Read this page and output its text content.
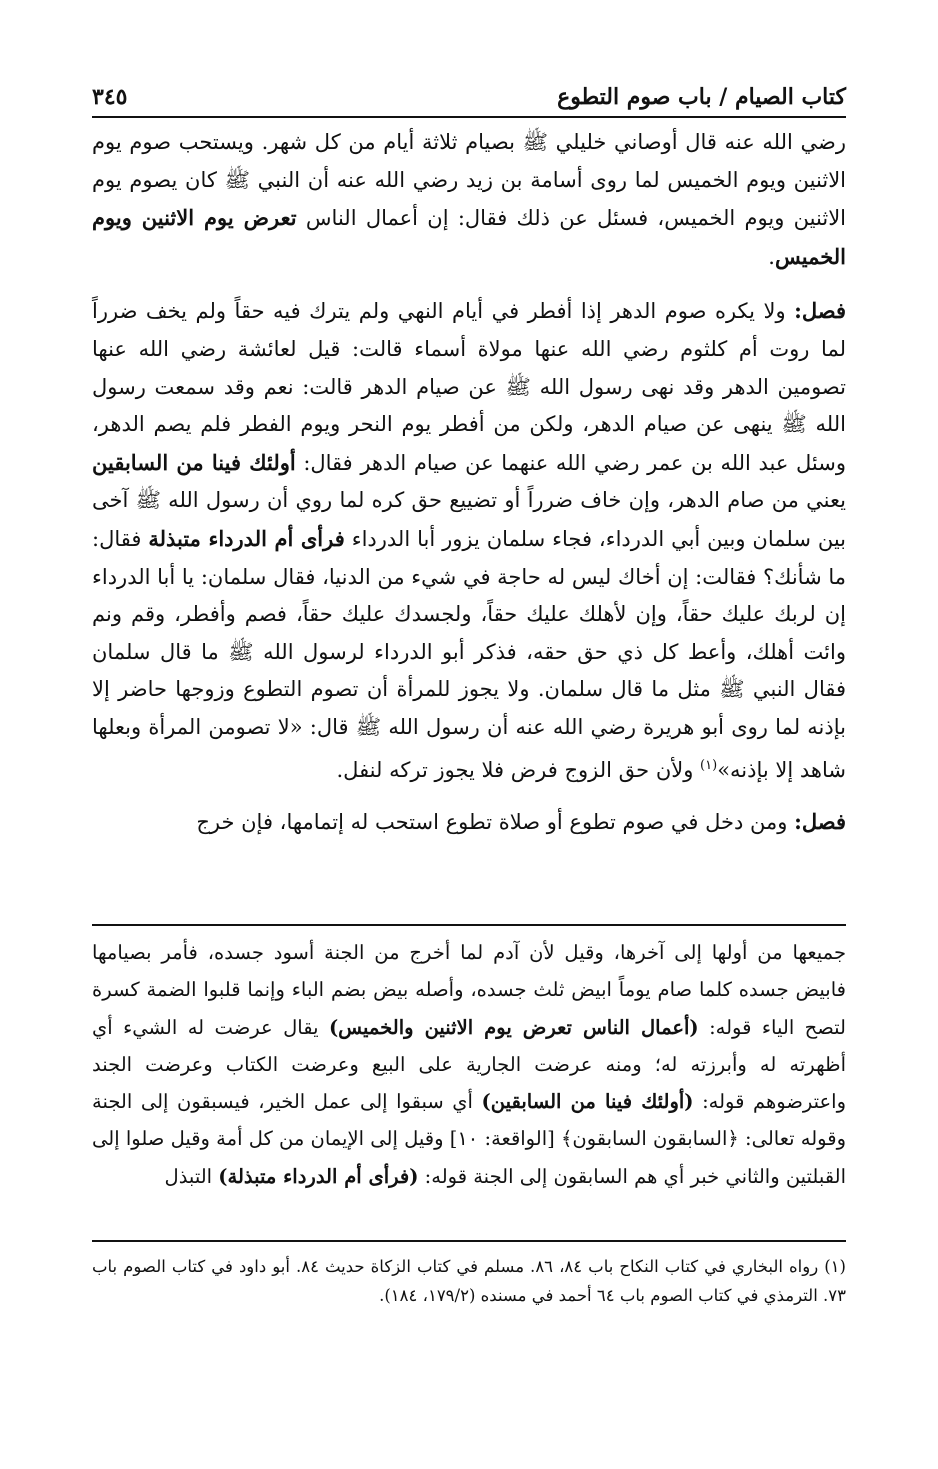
كتاب الصيام / باب صوم التطوع
٣٤٥

رضي الله عنه قال أوصاني خليلي ﷺ بصيام ثلاثة أيام من كل شهر. ويستحب صوم يوم الاثنين ويوم الخميس لما روى أسامة بن زيد رضي الله عنه أن النبي ﷺ كان يصوم يوم الاثنين ويوم الخميس، فسئل عن ذلك فقال: إن أعمال الناس تعرض يوم الاثنين ويوم الخميس.

فصل: ولا يكره صوم الدهر إذا أفطر في أيام النهي ولم يترك فيه حقاً ولم يخف ضرراً لما روت أم كلثوم رضي الله عنها مولاة أسماء قالت: قيل لعائشة رضي الله عنها تصومين الدهر وقد نهى رسول الله ﷺ عن صيام الدهر قالت: نعم وقد سمعت رسول الله ﷺ ينهى عن صيام الدهر، ولكن من أفطر يوم النحر ويوم الفطر فلم يصم الدهر، وسئل عبد الله بن عمر رضي الله عنهما عن صيام الدهر فقال: أولئك فينا من السابقين يعني من صام الدهر، وإن خاف ضرراً أو تضييع حق كره لما روي أن رسول الله ﷺ آخى بين سلمان وبين أبي الدرداء، فجاء سلمان يزور أبا الدرداء فرأى أم الدرداء متبذلة فقال: ما شأنك؟ فقالت: إن أخاك ليس له حاجة في شيء من الدنيا، فقال سلمان: يا أبا الدرداء إن لربك عليك حقاً، وإن لأهلك عليك حقاً، ولجسدك عليك حقاً، فصم وأفطر، وقم ونم وائت أهلك، وأعط كل ذي حق حقه، فذكر أبو الدرداء لرسول الله ﷺ ما قال سلمان فقال النبي ﷺ مثل ما قال سلمان. ولا يجوز للمرأة أن تصوم التطوع وزوجها حاضر إلا بإذنه لما روى أبو هريرة رضي الله عنه أن رسول الله ﷺ قال: «لا تصومن المرأة وبعلها شاهد إلا بإذنه»$^{(١)}$ ولأن حق الزوج فرض فلا يجوز تركه لنفل.

فصل: ومن دخل في صوم تطوع أو صلاة تطوع استحب له إتمامها، فإن خرج

جميعها من أولها إلى آخرها، وقيل لأن آدم لما أخرج من الجنة أسود جسده، فأمر بصيامها فابيض جسده كلما صام يوماً ابيض ثلث جسده، وأصله بيض بضم الباء وإنما قلبوا الضمة كسرة لتصح الياء قوله: (أعمال الناس تعرض يوم الاثنين والخميس) يقال عرضت له الشيء أي أظهرته له وأبرزته له؛ ومنه عرضت الجارية على البيع وعرضت الكتاب وعرضت الجند واعترضوهم قوله: (أولئك فينا من السابقين) أي سبقوا إلى عمل الخير، فيسبقون إلى الجنة وقوله تعالى: ﴿السابقون السابقون﴾ [الواقعة: ١٠] وقيل إلى الإيمان من كل أمة وقيل صلوا إلى القبلتين والثاني خبر أي هم السابقون إلى الجنة قوله: (فرأى أم الدرداء متبذلة) التبذل

(١) رواه البخاري في كتاب النكاح باب ٨٤، ٨٦. مسلم في كتاب الزكاة حديث ٨٤. أبو داود في كتاب الصوم باب ٧٣. الترمذي في كتاب الصوم باب ٦٤ أحمد في مسنده (١٧٩/٢، ١٨٤).
